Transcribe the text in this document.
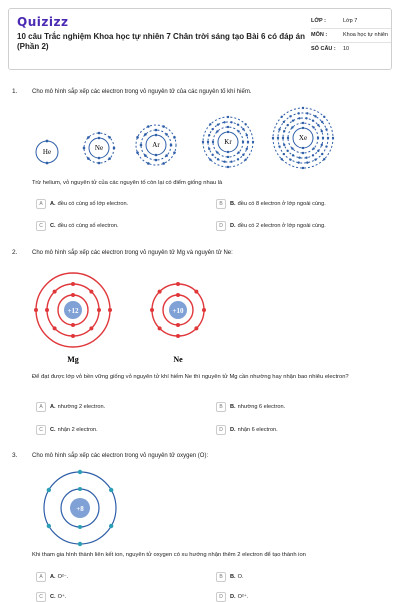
Quizizz
10 câu Trắc nghiệm Khoa học tự nhiên 7 Chân trời sáng tạo Bài 6 có đáp án (Phần 2)
LỚP :	Lớp 7
MÔN :	Khoa học tự nhiên
SỐ CÂU :	10
1. Cho mô hình sắp xếp các electron trong vỏ nguyên tử của các nguyên tố khí hiếm.
He	Ne	Ar	Kr	Xe
Trừ helium, vỏ nguyên tử của các nguyên tố còn lại có điểm giống nhau là
A	A. đều có cùng số lớp electron.	B	B. đều có 8 electron ở lớp ngoài cùng.
C	C. đều có cùng số electron.	D	D. đều có 2 electron ở lớp ngoài cùng.
2. Cho mô hình sắp xếp các electron trong vỏ nguyên tử Mg và nguyên tử Ne:
+12
Mg
+10
Ne
Để đạt được lớp vỏ bền vững giống vỏ nguyên tử khí hiếm Ne thì nguyên tử Mg cần nhường hay nhận bao nhiêu electron?
A	A. nhường 2 electron.	B	B. nhường 6 electron.
C	C. nhận 2 electron.	D	D. nhận 6 electron.
3. Cho mô hình sắp xếp các electron trong vỏ nguyên tử oxygen (O):
+8
Khi tham gia hình thành liên kết ion, nguyên tử oxygen có xu hướng nhận thêm 2 electron để tạo thành ion
A	A. O²⁻.	B	B. O.
C	C. O⁺.	D	D. O²⁺.
